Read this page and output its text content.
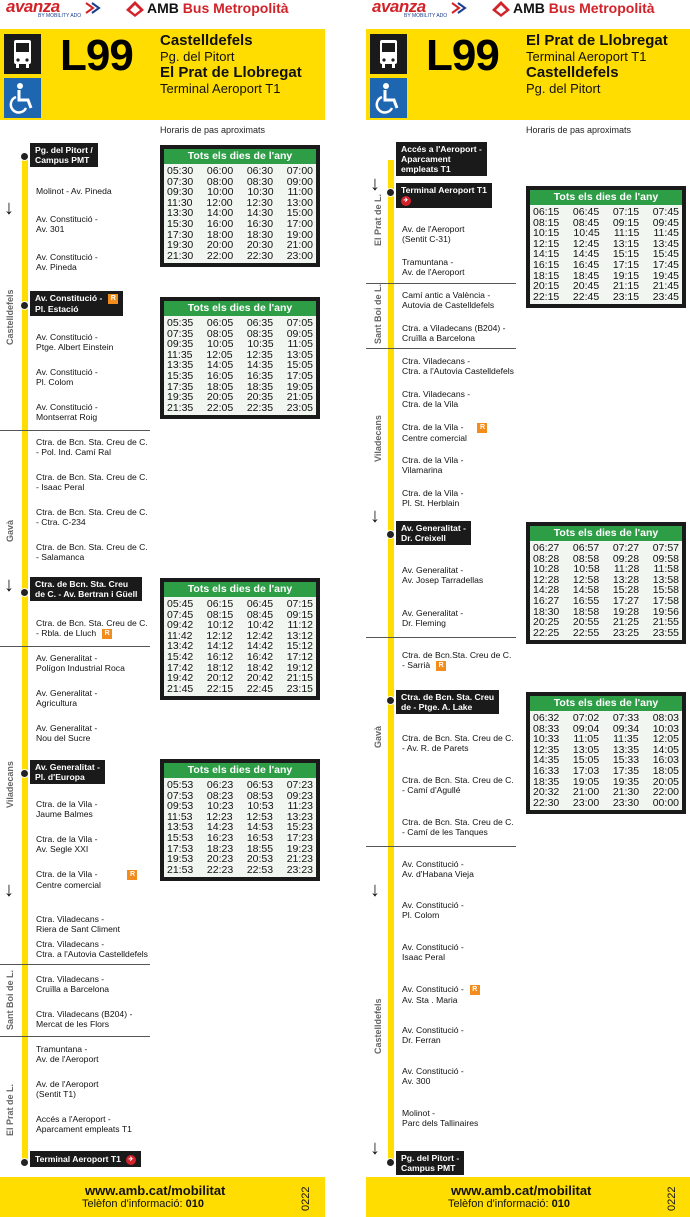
avanza
BY MOBILITY ADO	AMB Bus Metropolità
L99 Castelldefels
Pg. del Pitort
El Prat de Llobregat
Terminal Aeroport T1
Horaris de pas aproximats
↓
↓
↓
Castelldefels
Gavà
Viladecans
Sant Boi de L.
El Prat de L.
Pg. del Pitort /
Campus PMT
Molinot - Av. Pineda
Av. Constitució -
Av. 301
Av. Constitució -
Av. Pineda
Av. Constitució - R
Pl. Estació
Av. Constitució -
Ptge. Albert Einstein
Av. Constitució -
Pl. Colom
Av. Constitució -
Montserrat Roig
Ctra. de Bcn. Sta. Creu de C.
- Pol. Ind. Camí Ral
Ctra. de Bcn. Sta. Creu de C.
- Isaac Peral
Ctra. de Bcn. Sta. Creu de C.
- Ctra. C-234
Ctra. de Bcn. Sta. Creu de C.
- Salamanca
Ctra. de Bcn. Sta. Creu
de C. - Av. Bertran i Güell
Ctra. de Bcn. Sta. Creu de C.
- Rbla. de Lluch R
Av. Generalitat -
Polígon Industrial Roca
Av. Generalitat -
Agricultura
Av. Generalitat -
Nou del Sucre
Av. Generalitat -
Pl. d'Europa
Ctra. de la Vila -
Jaume Balmes
Ctra. de la Vila -
Av. Segle XXI
Ctra. de la Vila -	R
Centre comercial
Ctra. Viladecans -
Riera de Sant Climent
Ctra. Viladecans -
Ctra. a l'Autovia Castelldefels
Ctra. Viladecans -
Cruïlla a Barcelona
Ctra. Viladecans (B204) -
Mercat de les Flors
Tramuntana -
Av. de l'Aeroport
Av. de l'Aeroport
(Sentit T1)
Accés a l'Aeroport -
Aparcament empleats T1
Terminal Aeroport T1 ✈
Tots els dies de l'any
05:30 06:00 06:30 07:00
07:30 08:00 08:30 09:00
09:30 10:00 10:30 11:00
11:30 12:00 12:30 13:00
13:30 14:00 14:30 15:00
15:30 16:00 16:30 17:00
17:30 18:00 18:30 19:00
19:30 20:00 20:30 21:00
21:30 22:00 22:30 23:00
Tots els dies de l'any
05:35 06:05 06:35 07:05
07:35 08:05 08:35 09:05
09:35 10:05 10:35 11:05
11:35 12:05 12:35 13:05
13:35 14:05 14:35 15:05
15:35 16:05 16:35 17:05
17:35 18:05 18:35 19:05
19:35 20:05 20:35 21:05
21:35 22:05 22:35 23:05
Tots els dies de l'any
05:45 06:15 06:45 07:15
07:45 08:15 08:45 09:15
09:42 10:12 10:42 11:12
11:42 12:12 12:42 13:12
13:42 14:12 14:42 15:12
15:42 16:12 16:42 17:12
17:42 18:12 18:42 19:12
19:42 20:12 20:42 21:15
21:45 22:15 22:45 23:15
Tots els dies de l'any
05:53 06:23 06:53 07:23
07:53 08:23 08:53 09:23
09:53 10:23 10:53 11:23
11:53 12:23 12:53 13:23
13:53 14:23 14:53 15:23
15:53 16:23 16:53 17:23
17:53 18:23 18:55 19:23
19:53 20:23 20:53 21:23
21:53 22:23 22:53 23:23
www.amb.cat/mobilitat
Telèfon d'informació: 010	0222
avanza
BY MOBILITY ADO	AMB Bus Metropolità
L99 El Prat de Llobregat
Terminal Aeroport T1
Castelldefels
Pg. del Pitort
Horaris de pas aproximats
↓
↓
↓
↓
El Prat de L.
Sant Boi de L.
Viladecans
Gavà
Castelldefels
Accés a l'Aeroport -
Aparcament
empleats T1
Terminal Aeroport T1
✈
Av. de l'Aeroport
(Sentit C-31)
Tramuntana -
Av. de l'Aeroport
Camí antic a València -
Autovia de Castelldefels
Ctra. a Viladecans (B204) -
Cruïlla a Barcelona
Ctra. Viladecans -
Ctra. a l'Autovia Castelldefels
Ctra. Viladecans -
Ctra. de la Vila
Ctra. de la Vila - R
Centre comercial
Ctra. de la Vila -
Vilamarina
Ctra. de la Vila -
Pl. St. Herblain
Av. Generalitat -
Dr. Creixell
Av. Generalitat -
Av. Josep Tarradellas
Av. Generalitat -
Dr. Fleming
Ctra. de Bcn.Sta. Creu de C.
- Sarrià R
Ctra. de Bcn. Sta. Creu
de - Ptge. A. Lake
Ctra. de Bcn. Sta. Creu de C.
- Av. R. de Parets
Ctra. de Bcn. Sta. Creu de C.
- Camí d'Agullé
Ctra. de Bcn. Sta. Creu de C.
- Camí de les Tanques
Av. Constitució -
Av. d'Habana Vieja
Av. Constitució -
Pl. Colom
Av. Constitució -
Isaac Peral
Av. Constitució - R
Av. Sta . Maria
Av. Constitució -
Dr. Ferran
Av. Constitució -
Av. 300
Molinot -
Parc dels Tallinaires
Pg. del Pitort -
Campus PMT
Tots els dies de l'any
06:15 06:45 07:15 07:45
08:15 08:45 09:15 09:45
10:15 10:45 11:15 11:45
12:15 12:45 13:15 13:45
14:15 14:45 15:15 15:45
16:15 16:45 17:15 17:45
18:15 18:45 19:15 19:45
20:15 20:45 21:15 21:45
22:15 22:45 23:15 23:45
Tots els dies de l'any
06:27 06:57 07:27 07:57
08:28 08:58 09:28 09:58
10:28 10:58 11:28 11:58
12:28 12:58 13:28 13:58
14:28 14:58 15:28 15:58
16:27 16:55 17:27 17:58
18:30 18:58 19:28 19:56
20:25 20:55 21:25 21:55
22:25 22:55 23:25 23:55
Tots els dies de l'any
06:32 07:02 07:33 08:03
08:33 09:04 09:34 10:03
10:33 11:05 11:35 12:05
12:35 13:05 13:35 14:05
14:35 15:05 15:33 16:03
16:33 17:03 17:35 18:05
18:35 19:05 19:35 20:05
20:32 21:00 21:30 22:00
22:30 23:00 23:30 00:00
www.amb.cat/mobilitat
Telèfon d'informació: 010	0222
